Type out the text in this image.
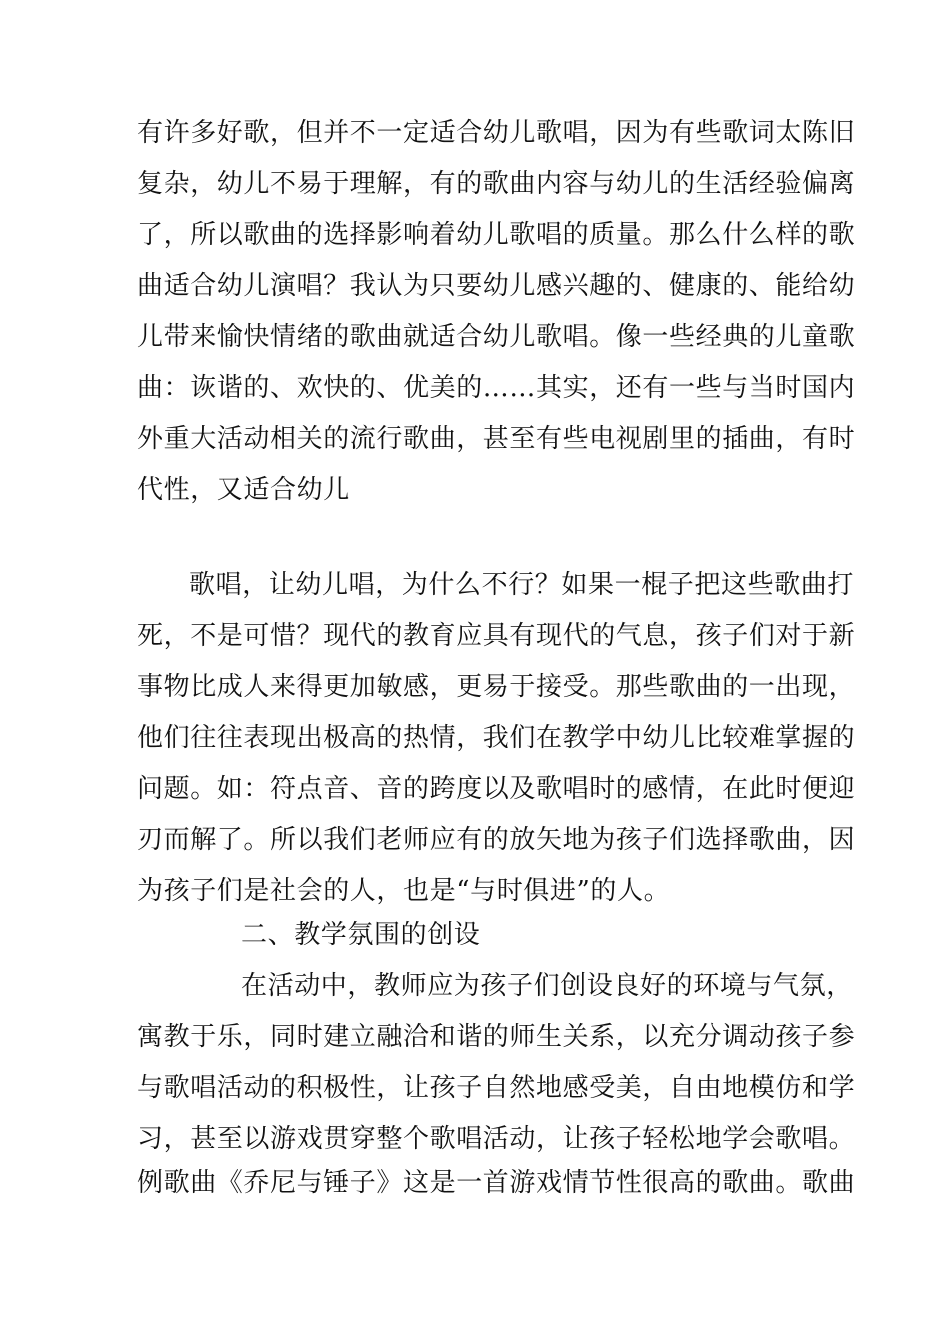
有许多好歌，但并不一定适合幼儿歌唱，因为有些歌词太陈旧
复杂，幼儿不易于理解，有的歌曲内容与幼儿的生活经验偏离
了，所以歌曲的选择影响着幼儿歌唱的质量。那么什么样的歌
曲适合幼儿演唱？我认为只要幼儿感兴趣的、健康的、能给幼
儿带来愉快情绪的歌曲就适合幼儿歌唱。像一些经典的儿童歌
曲：诙谐的、欢快的、优美的……其实，还有一些与当时国内
外重大活动相关的流行歌曲，甚至有些电视剧里的插曲，有时
代性，又适合幼儿
歌唱，让幼儿唱，为什么不行？如果一棍子把这些歌曲打
死，不是可惜？现代的教育应具有现代的气息，孩子们对于新
事物比成人来得更加敏感，更易于接受。那些歌曲的一出现，
他们往往表现出极高的热情，我们在教学中幼儿比较难掌握的
问题。如：符点音、音的跨度以及歌唱时的感情，在此时便迎
刃而解了。所以我们老师应有的放矢地为孩子们选择歌曲，因
为孩子们是社会的人，也是“与时俱进”的人。
二、教学氛围的创设
在活动中，教师应为孩子们创设良好的环境与气氛，
寓教于乐，同时建立融洽和谐的师生关系，以充分调动孩子参
与歌唱活动的积极性，让孩子自然地感受美，自由地模仿和学
习，甚至以游戏贯穿整个歌唱活动，让孩子轻松地学会歌唱。
例歌曲《乔尼与锤子》这是一首游戏情节性很高的歌曲。歌曲
